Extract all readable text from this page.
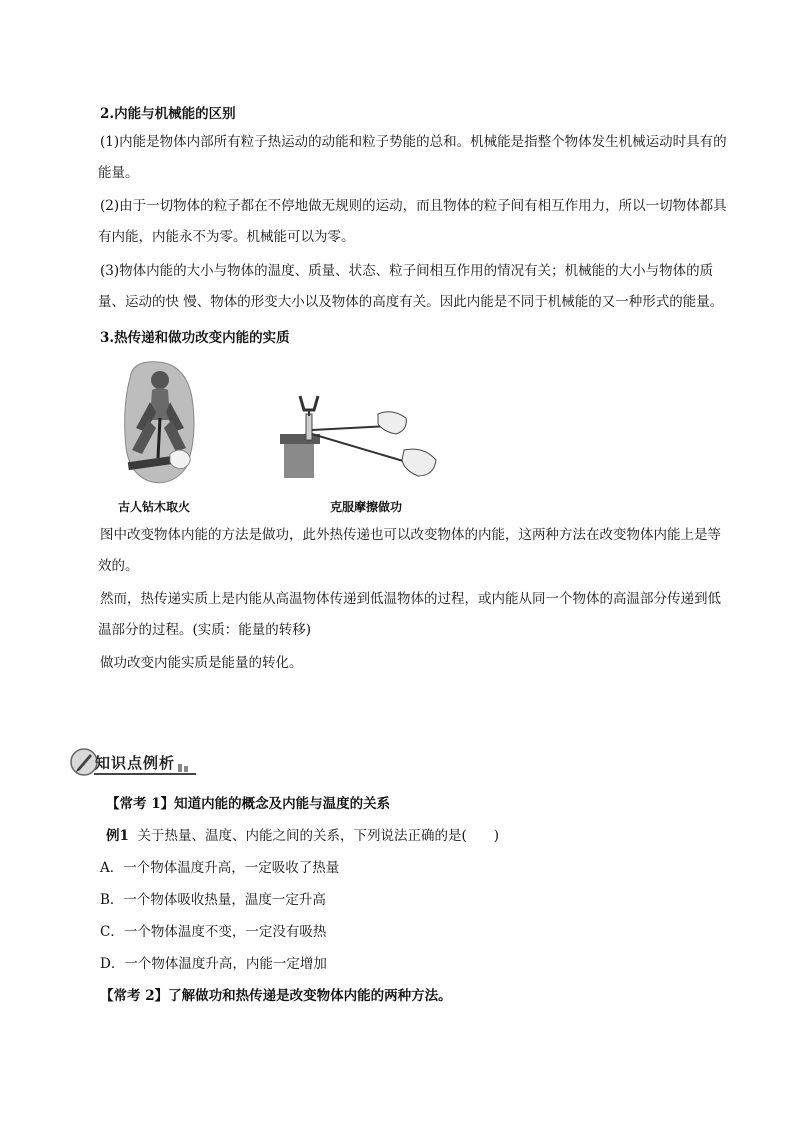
2.内能与机械能的区别
(1)内能是物体内部所有粒子热运动的动能和粒子势能的总和。机械能是指整个物体发生机械运动时具有的能量。
(2)由于一切物体的粒子都在不停地做无规则的运动，而且物体的粒子间有相互作用力，所以一切物体都具有内能，内能永不为零。机械能可以为零。
(3)物体内能的大小与物体的温度、质量、状态、粒子间相互作用的情况有关；机械能的大小与物体的质量、运动的快 慢、物体的形变大小以及物体的高度有关。因此内能是不同于机械能的又一种形式的能量。
3.热传递和做功改变内能的实质
古人钻木取火	克服摩擦做功
图中改变物体内能的方法是做功，此外热传递也可以改变物体的内能，这两种方法在改变物体内能上是等效的。
然而，热传递实质上是内能从高温物体传递到低温物体的过程，或内能从同一个物体的高温部分传递到低温部分的过程。(实质：能量的转移)
做功改变内能实质是能量的转化。
知识点例析
【常考 1】知道内能的概念及内能与温度的关系
例1 关于热量、温度、内能之间的关系，下列说法正确的是(　　)
A．一个物体温度升高，一定吸收了热量
B．一个物体吸收热量，温度一定升高
C．一个物体温度不变，一定没有吸热
D．一个物体温度升高，内能一定增加
【常考 2】了解做功和热传递是改变物体内能的两种方法。
